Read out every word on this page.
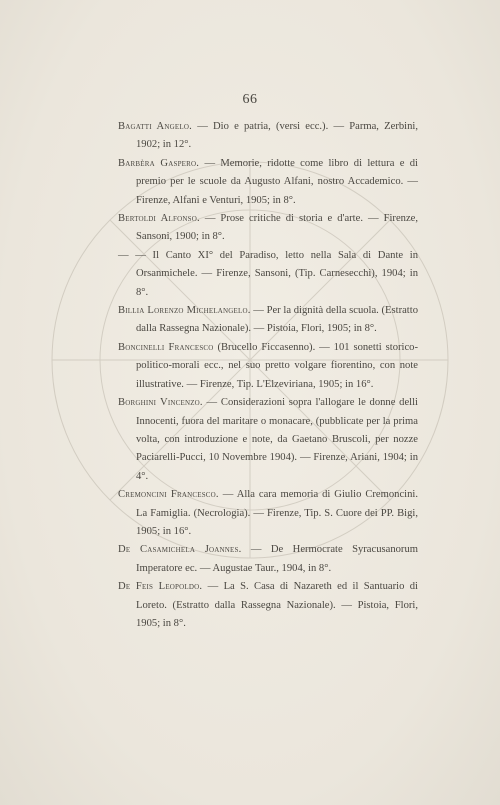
66

Bagatti Angelo. — Dio e patria, (versi ecc.). — Parma, Zerbini, 1902; in 12°.

Barbèra Gaspero. — Memorie, ridotte come libro di lettura e di premio per le scuole da Augusto Alfani, nostro Accademico. — Firenze, Alfani e Venturi, 1905; in 8°.

Bertoldi Alfonso. — Prose critiche di storia e d'arte. — Firenze, Sansoni, 1900; in 8°.

— — Il Canto XI° del Paradiso, letto nella Sala di Dante in Orsanmichele. — Firenze, Sansoni, (Tip. Carnesecchi), 1904; in 8°.

Billia Lorenzo Michelangelo. — Per la dignità della scuola. (Estratto dalla Rassegna Nazionale). — Pistoia, Flori, 1905; in 8°.

Boncinelli Francesco (Brucello Ficcasenno). — 101 sonetti storico-politico-morali ecc., nel suo pretto volgare fiorentino, con note illustrative. — Firenze, Tip. L'Elzeviriana, 1905; in 16°.

Borghini Vincenzo. — Considerazioni sopra l'allogare le donne delli Innocenti, fuora del maritare o monacare, (pubblicate per la prima volta, con introduzione e note, da Gaetano Bruscoli, per nozze Paciarelli-Pucci, 10 Novembre 1904). — Firenze, Ariani, 1904; in 4°.

Cremoncini Francesco. — Alla cara memoria di Giulio Cremoncini. La Famiglia. (Necrologia). — Firenze, Tip. S. Cuore dei PP. Bigi, 1905; in 16°.

De Casamichela Joannes. — De Hermocrate Syracusanorum Imperatore ec. — Augustae Taur., 1904, in 8°.

De Feis Leopoldo. — La S. Casa di Nazareth ed il Santuario di Loreto. (Estratto dalla Rassegna Nazionale). — Pistoia, Flori, 1905; in 8°.
